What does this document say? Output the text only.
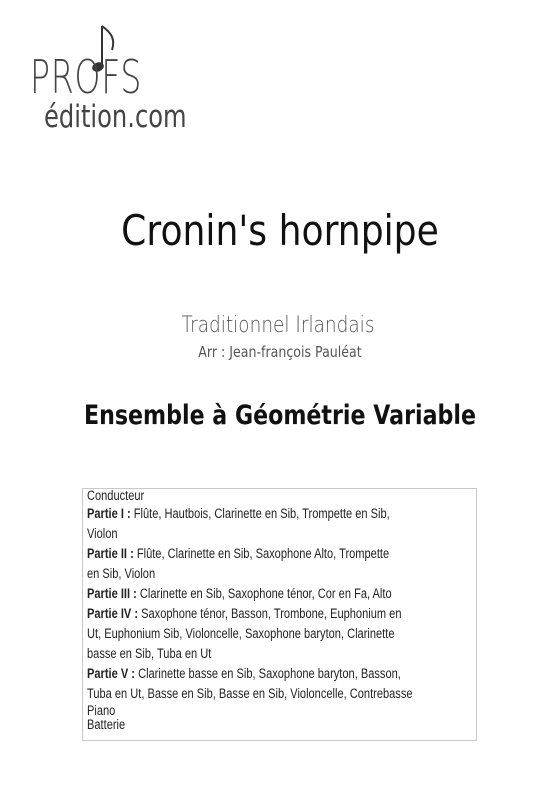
PROFS
édition.com
Cronin's hornpipe
Traditionnel Irlandais
Arr : Jean-françois Pauléat
Ensemble à Géométrie Variable
Conducteur
Partie I : Flûte, Hautbois, Clarinette en Sib, Trompette en Sib,
Violon
Partie II : Flûte, Clarinette en Sib, Saxophone Alto, Trompette
en Sib, Violon
Partie III : Clarinette en Sib, Saxophone ténor, Cor en Fa, Alto
Partie IV : Saxophone ténor, Basson, Trombone, Euphonium en
Ut, Euphonium Sib, Violoncelle, Saxophone baryton, Clarinette
basse en Sib, Tuba en Ut
Partie V : Clarinette basse en Sib, Saxophone baryton, Basson,
Tuba en Ut, Basse en Sib, Basse en Sib, Violoncelle, Contrebasse
Piano
Batterie
